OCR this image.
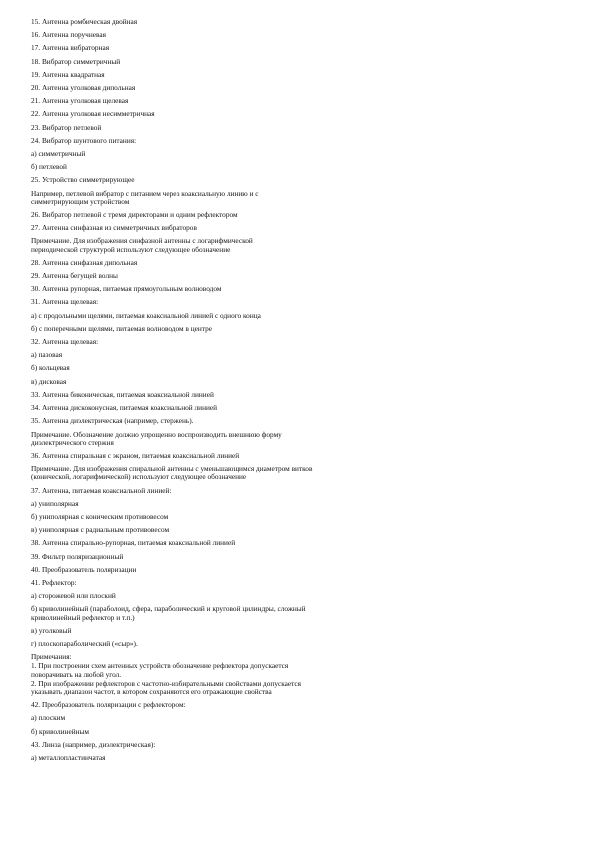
15. Антенна ромбическая двойная
16. Антенна поручневая
17. Антенна вибраторная
18. Вибратор симметричный
19. Антенна квадратная
20. Антенна уголковая дипольная
21. Антенна уголковая щелевая
22. Антенна уголковая несимметричная
23. Вибратор петлевой
24. Вибратор шунтового питания:
а) симметричный
б) петлевой
25. Устройство симметрирующее
Например, петлевой вибратор с питанием через коаксиальную линию и с симметрирующим устройством
26. Вибратор петлевой с тремя директорами и одним рефлектором
27. Антенна синфазная из симметричных вибраторов
Примечание. Для изображения синфазной антенны с логарифмической периодической структурой используют следующее обозначение
28. Антенна синфазная дипольная
29. Антенна бегущей волны
30. Антенна рупорная, питаемая прямоугольным волноводом
31. Антенна щелевая:
а) с продольными щелями, питаемая коаксиальной линией с одного конца
б) с поперечными щелями, питаемая волноводом в центре
32. Антенна щелевая:
а) пазовая
б) кольцевая
в) дисковая
33. Антенна биконическая, питаемая коаксиальной линией
34. Антенна дискоконусная, питаемая коаксиальной линией
35. Антенна диэлектрическая (например, стержень).
Примечание. Обозначение должно упрощенно воспроизводить внешнюю форму диэлектрического стержня
36. Антенна спиральная с экраном, питаемая коаксиальной линией
Примечание. Для изображения спиральной антенны с уменьшающимся диаметром витков (конической, логарифмической) используют следующее обозначение
37. Антенна, питаемая коаксиальной линией:
а) униполярная
б) униполярная с коническим противовесом
в) униполярная с радиальным противовесом
38. Антенна спирально-рупорная, питаемая коаксиальной линией
39. Фильтр поляризационный
40. Преобразователь поляризации
41. Рефлектор:
а) сторожевой или плоский
б) криволинейный (параболоид, сфера, параболический и круговой цилиндры, сложный криволинейный рефлектор и т.п.)
в) уголковый
г) плоскопараболический («сыр»).
Примечания:
1. При построении схем антенных устройств обозначение рефлектора допускается поворачивать на любой угол.
2. При изображении рефлекторов с частотно-избирательными свойствами допускается указывать диапазон частот, в котором сохраняются его отражающие свойства
42. Преобразователь поляризации с рефлектором:
а) плоским
б) криволинейным
43. Линза (например, диэлектрическая):
а) металлопластинчатая
